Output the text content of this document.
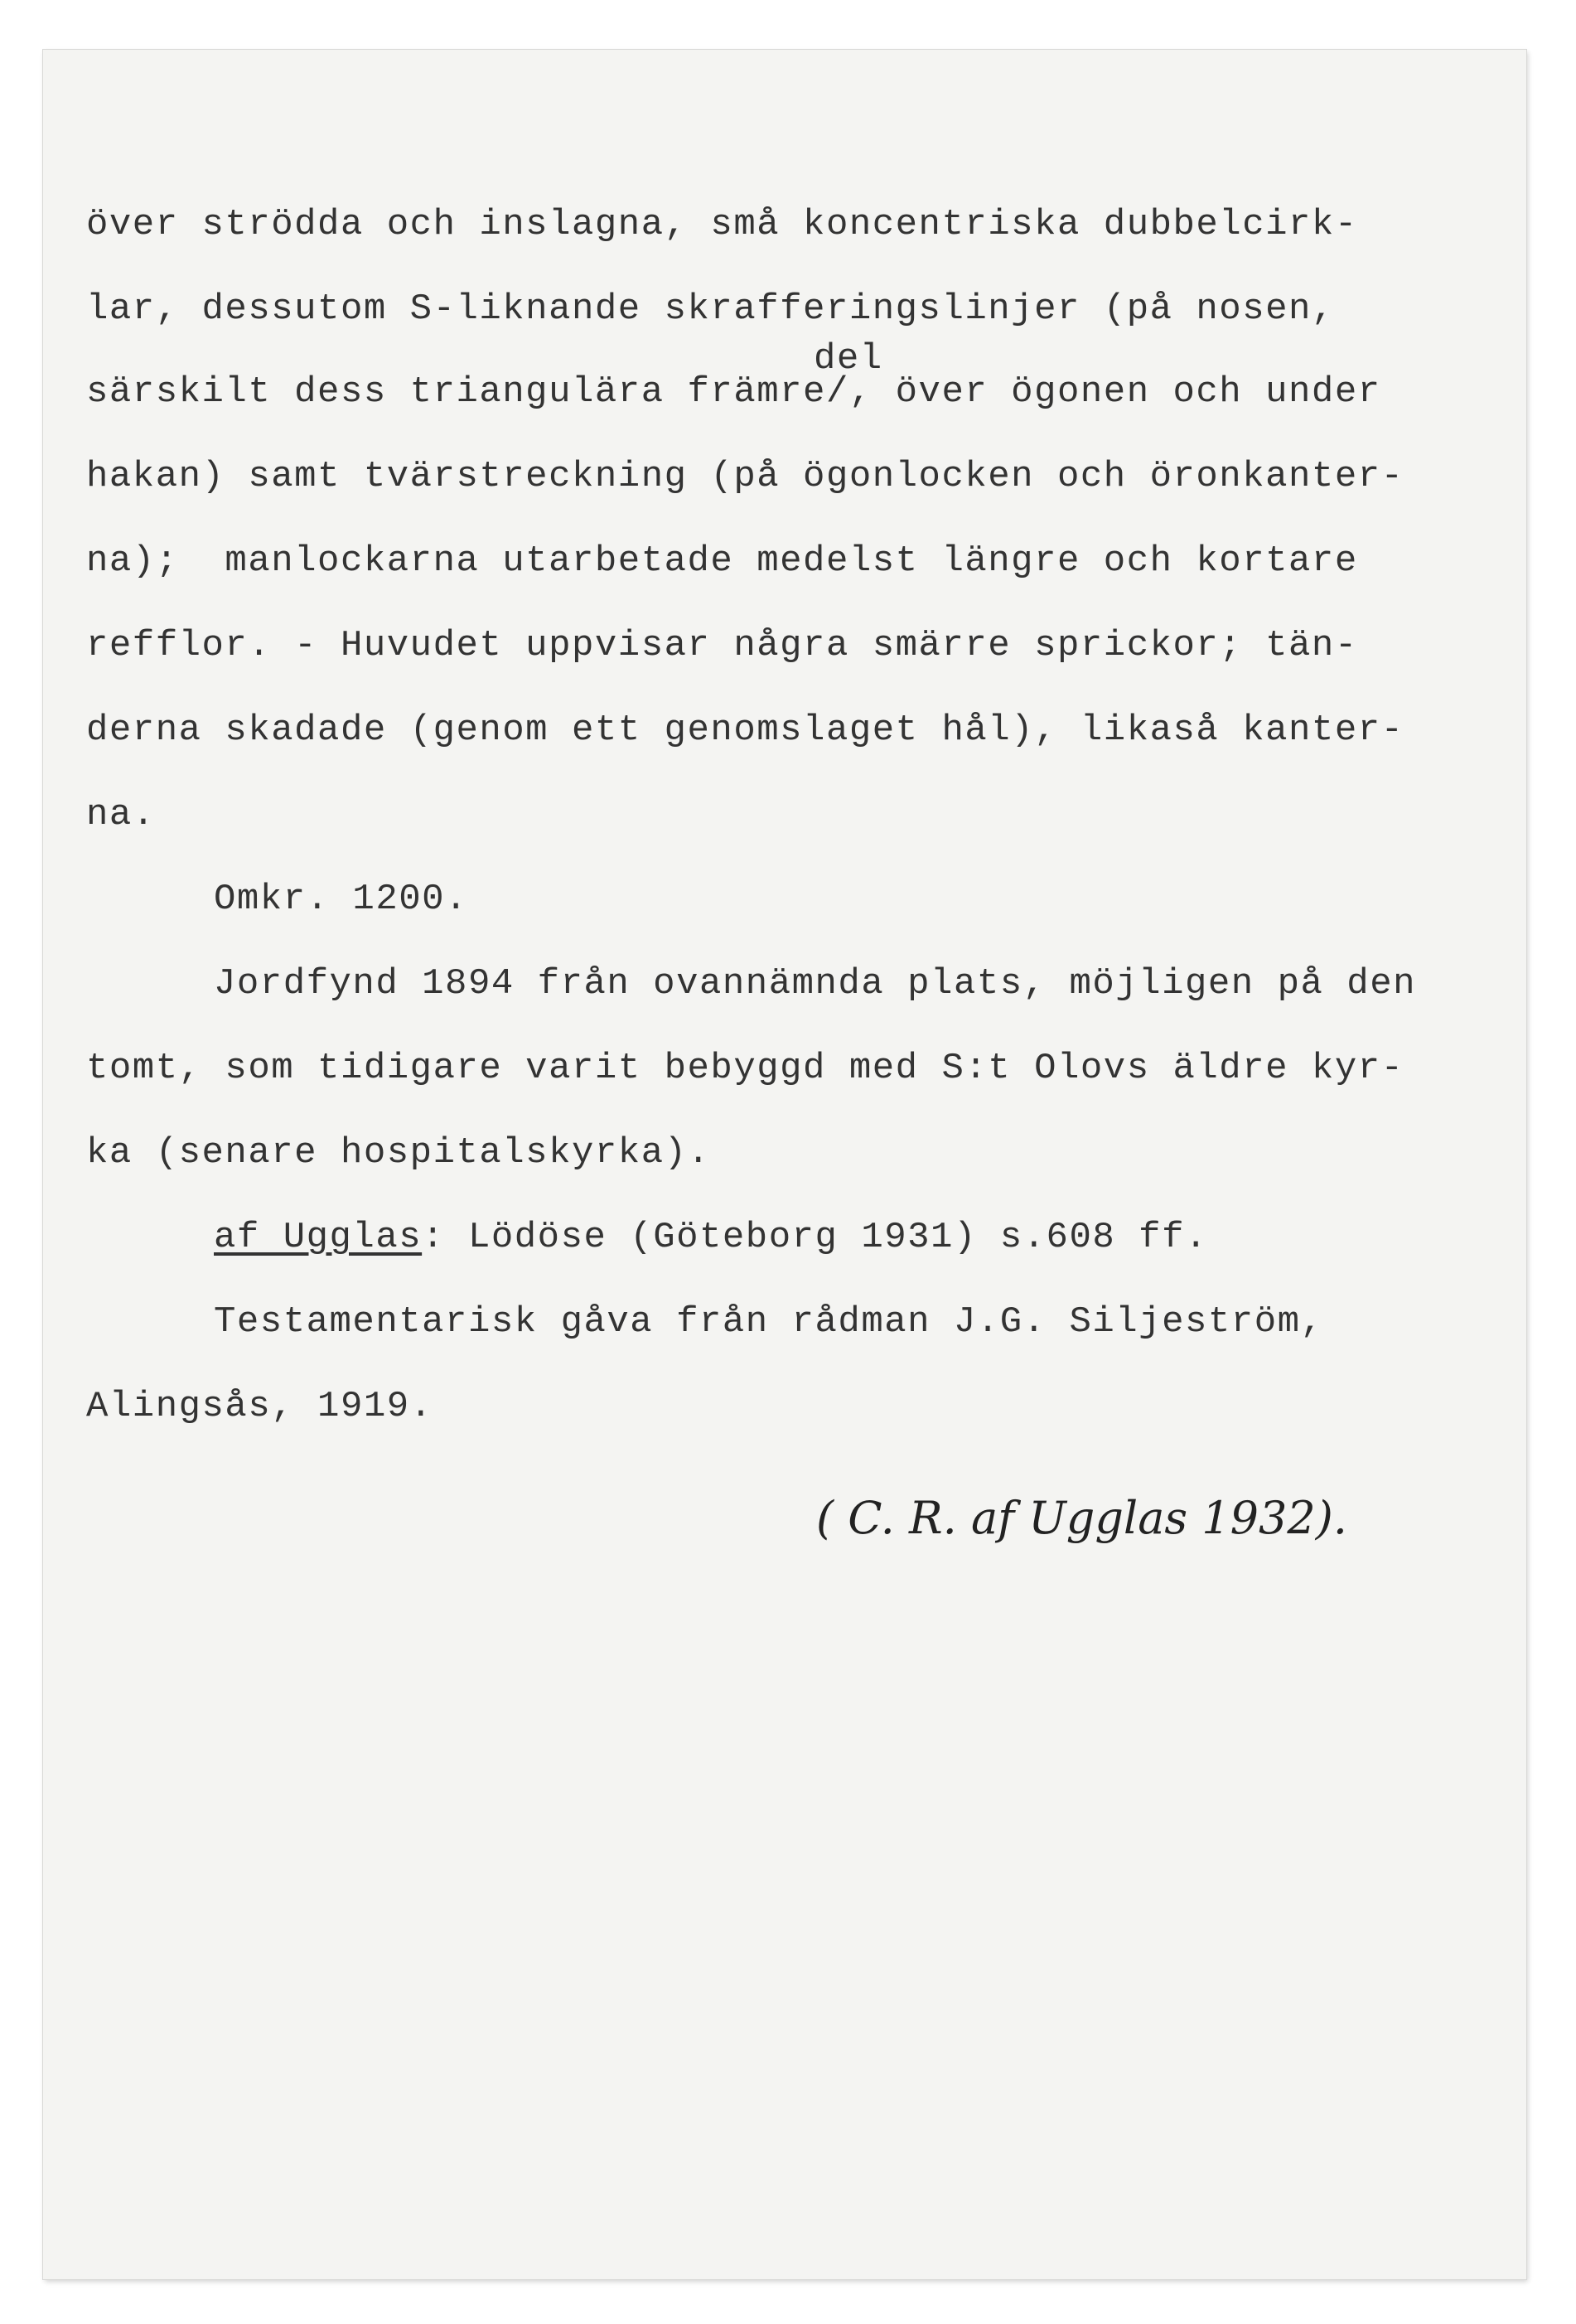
över strödda och inslagna, små koncentriska dubbelcirk-
lar, dessutom S-liknande skrafferingslinjer (på nosen,
del
särskilt dess triangulära främre/, över ögonen och under
hakan) samt tvärstreckning (på ögonlocken och öronkanter-
na);  manlockarna utarbetade medelst längre och kortare
refflor. - Huvudet uppvisar några smärre sprickor; tän-
derna skadade (genom ett genomslaget hål), likaså kanter-
na.
Omkr. 1200.
Jordfynd 1894 från ovannämnda plats, möjligen på den
tomt, som tidigare varit bebyggd med S:t Olovs äldre kyr-
ka (senare hospitalskyrka).
af Ugglas: Lödöse (Göteborg 1931) s.608 ff.
Testamentarisk gåva från rådman J.G. Siljeström,
Alingsås, 1919.
( C. R. af Ugglas 1932).
